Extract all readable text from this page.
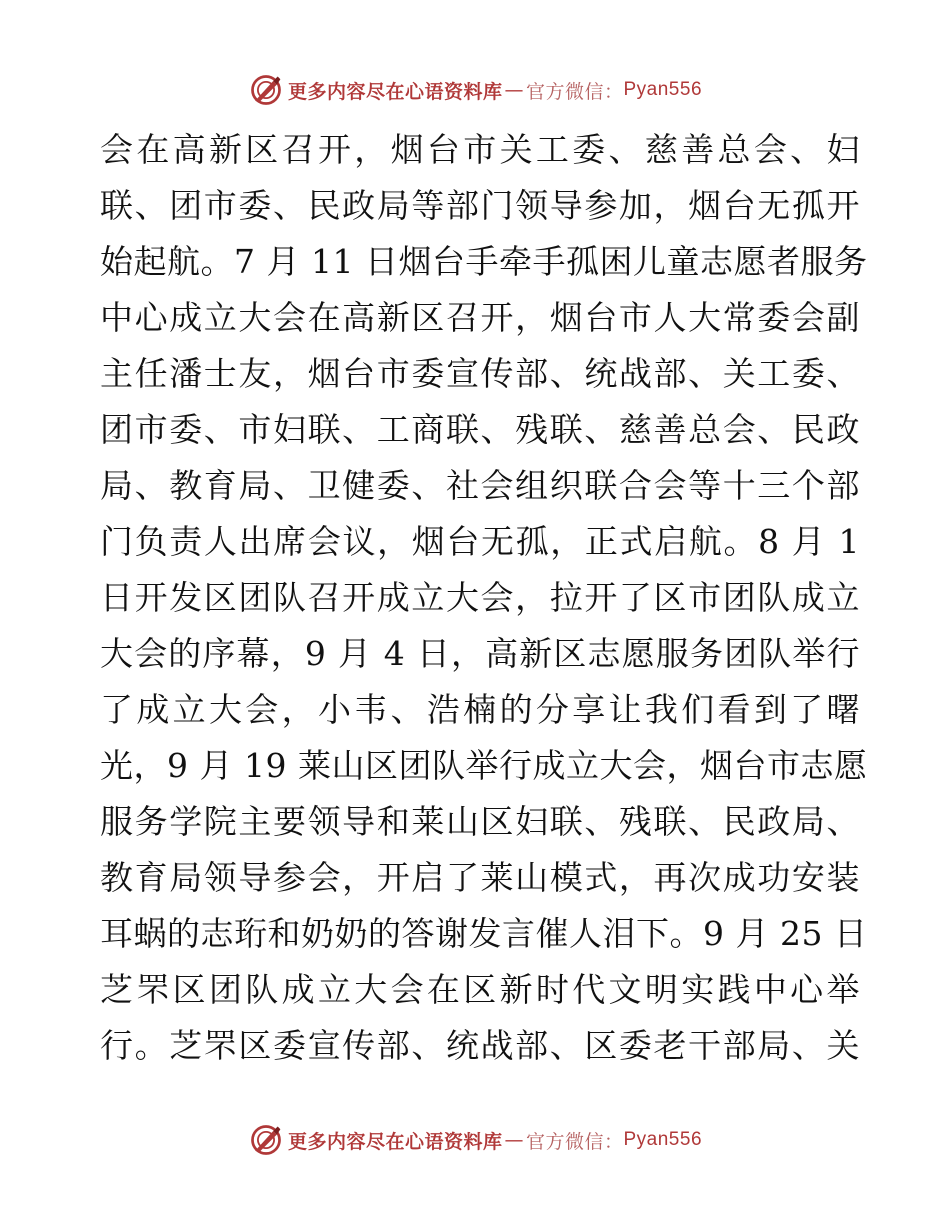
更多内容尽在心语资料库 — 官方微信： Pyan556
会在高新区召开，烟台市关工委、慈善总会、妇
联、团市委、民政局等部门领导参加，烟台无孤开
始起航。7 月 11 日烟台手牵手孤困儿童志愿者服务
中心成立大会在高新区召开，烟台市人大常委会副
主任潘士友，烟台市委宣传部、统战部、关工委、
团市委、市妇联、工商联、残联、慈善总会、民政
局、教育局、卫健委、社会组织联合会等十三个部
门负责人出席会议，烟台无孤，正式启航。8 月 1
日开发区团队召开成立大会，拉开了区市团队成立
大会的序幕，9 月 4 日，高新区志愿服务团队举行
了成立大会，小韦、浩楠的分享让我们看到了曙
光，9 月 19 莱山区团队举行成立大会，烟台市志愿
服务学院主要领导和莱山区妇联、残联、民政局、
教育局领导参会，开启了莱山模式，再次成功安装
耳蜗的志珩和奶奶的答谢发言催人泪下。9 月 25 日
芝罘区团队成立大会在区新时代文明实践中心举
行。芝罘区委宣传部、统战部、区委老干部局、关
更多内容尽在心语资料库 — 官方微信： Pyan556
